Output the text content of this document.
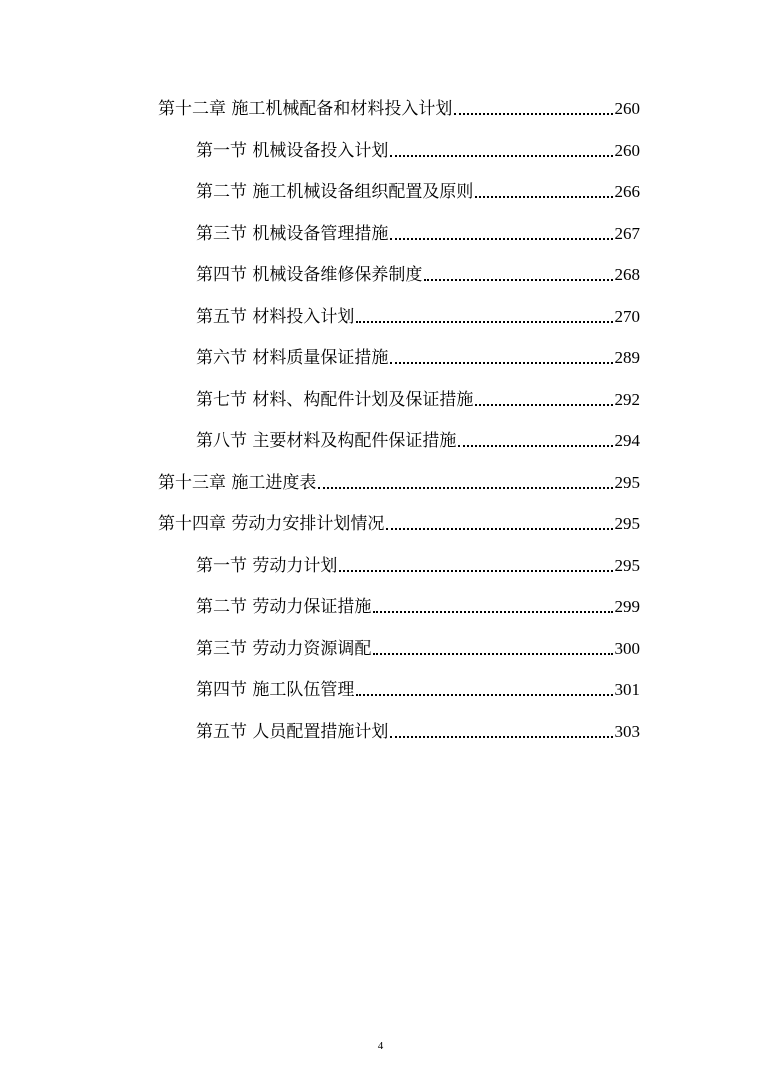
第十二章 施工机械配备和材料投入计划	260
第一节 机械设备投入计划	260
第二节 施工机械设备组织配置及原则	266
第三节 机械设备管理措施	267
第四节 机械设备维修保养制度	268
第五节 材料投入计划	270
第六节 材料质量保证措施	289
第七节 材料、构配件计划及保证措施	292
第八节 主要材料及构配件保证措施	294
第十三章 施工进度表	295
第十四章 劳动力安排计划情况	295
第一节 劳动力计划	295
第二节 劳动力保证措施	299
第三节 劳动力资源调配	300
第四节 施工队伍管理	301
第五节 人员配置措施计划	303
4
